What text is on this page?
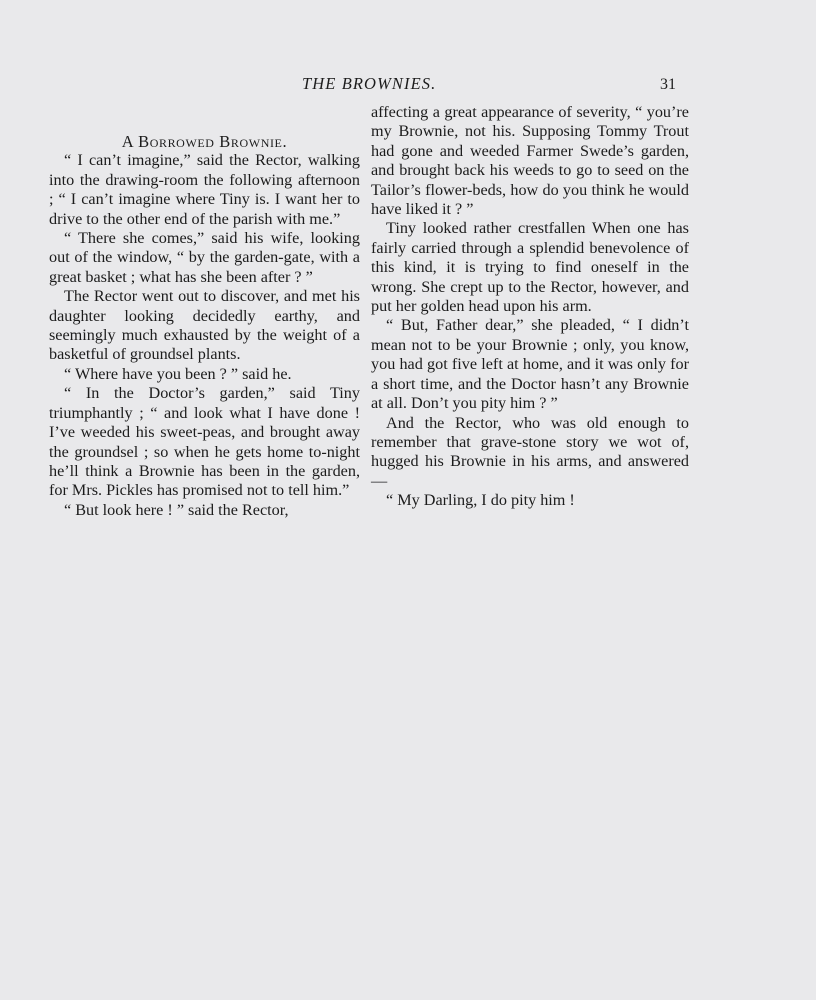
THE BROWNIES.	31

A Borrowed Brownie.

“ I can’t imagine,” said the Rector, walking into the drawing-room the following afternoon ; “ I can’t imagine where Tiny is. I want her to drive to the other end of the parish with me.”

“ There she comes,” said his wife, looking out of the window, “ by the garden-gate, with a great basket ; what has she been after ? ”

The Rector went out to discover, and met his daughter looking decidedly earthy, and seemingly much exhausted by the weight of a basketful of groundsel plants.

“ Where have you been ? ” said he.

“ In the Doctor’s garden,” said Tiny triumphantly ; “ and look what I have done ! I’ve weeded his sweet-peas, and brought away the groundsel ; so when he gets home to-night he’ll think a Brownie has been in the garden, for Mrs. Pickles has promised not to tell him.”

“ But look here ! ” said the Rector,

affecting a great appearance of severity, “ you’re my Brownie, not his. Supposing Tommy Trout had gone and weeded Farmer Swede’s garden, and brought back his weeds to go to seed on the Tailor’s flower-beds, how do you think he would have liked it ? ”

Tiny looked rather crestfallen When one has fairly carried through a splendid benevolence of this kind, it is trying to find oneself in the wrong. She crept up to the Rector, however, and put her golden head upon his arm.

“ But, Father dear,” she pleaded, “ I didn’t mean not to be your Brownie ; only, you know, you had got five left at home, and it was only for a short time, and the Doctor hasn’t any Brownie at all. Don’t you pity him ? ”

And the Rector, who was old enough to remember that grave-stone story we wot of, hugged his Brownie in his arms, and answered—

“ My Darling, I do pity him !
